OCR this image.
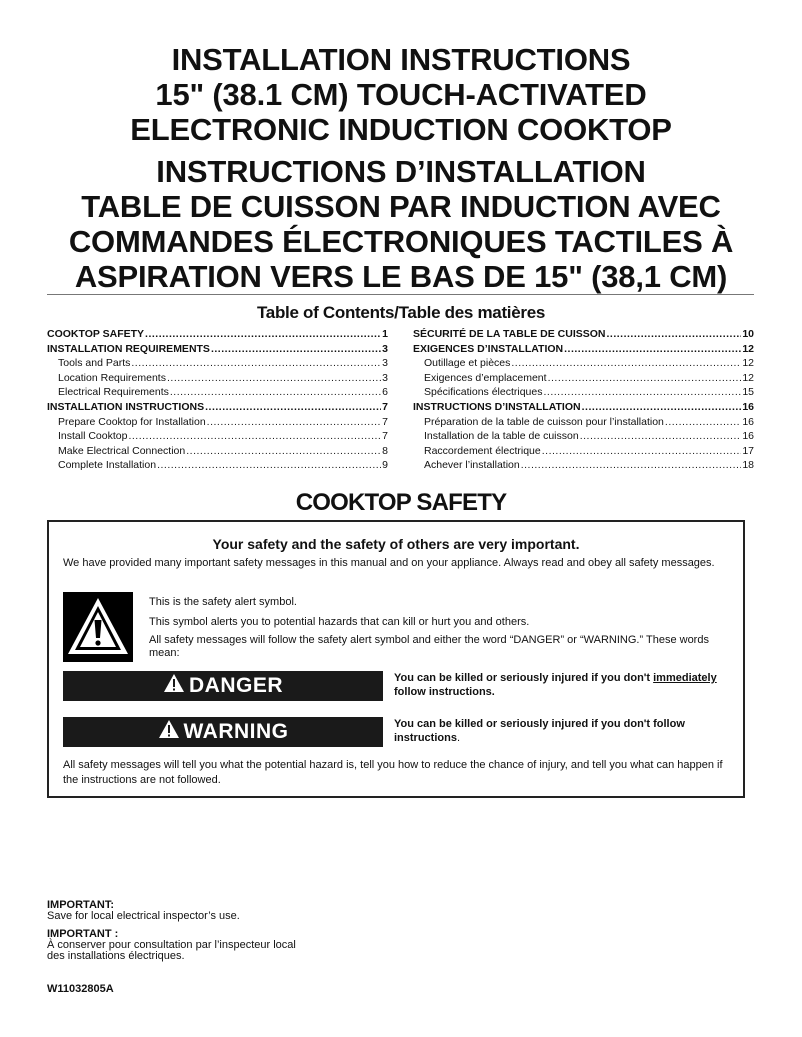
INSTALLATION INSTRUCTIONS
15" (38.1 CM) TOUCH-ACTIVATED
ELECTRONIC INDUCTION COOKTOP
INSTRUCTIONS D’INSTALLATION
TABLE DE CUISSON PAR INDUCTION AVEC
COMMANDES ÉLECTRONIQUES TACTILES À
ASPIRATION VERS LE BAS DE 15" (38,1 CM)
Table of Contents/Table des matières
COOKTOP SAFETY .....	1
INSTALLATION REQUIREMENTS .....	3
Tools and Parts .....	3
Location Requirements .....	3
Electrical Requirements .....	6
INSTALLATION INSTRUCTIONS .....	7
Prepare Cooktop for Installation .....	7
Install Cooktop .....	7
Make Electrical Connection .....	8
Complete Installation .....	9
SÉCURITÉ DE LA TABLE DE CUISSON .....	10
EXIGENCES D’INSTALLATION .....	12
Outillage et pièces .....	12
Exigences d’emplacement .....	12
Spécifications électriques .....	15
INSTRUCTIONS D’INSTALLATION .....	16
Préparation de la table de cuisson pour l’installation .....	16
Installation de la table de cuisson .....	16
Raccordement électrique .....	17
Achever l’installation .....	18
COOKTOP SAFETY
Your safety and the safety of others are very important.
We have provided many important safety messages in this manual and on your appliance. Always read and obey all safety messages.
This is the safety alert symbol.
This symbol alerts you to potential hazards that can kill or hurt you and others.
All safety messages will follow the safety alert symbol and either the word “DANGER” or “WARNING.” These words mean:
DANGER	You can be killed or seriously injured if you don't immediately follow instructions.
WARNING	You can be killed or seriously injured if you don't follow instructions.
All safety messages will tell you what the potential hazard is, tell you how to reduce the chance of injury, and tell you what can happen if the instructions are not followed.
IMPORTANT:
Save for local electrical inspector’s use.
IMPORTANT :
À conserver pour consultation par l’inspecteur local
des installations électriques.
W11032805A
